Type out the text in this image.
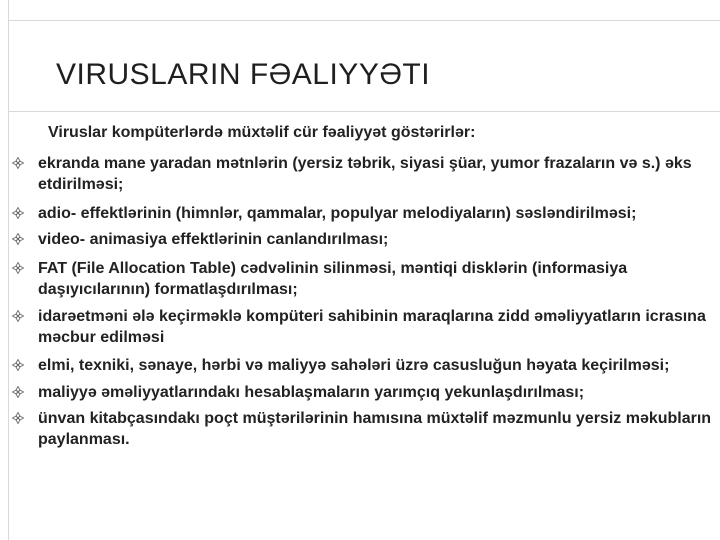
VIRUSLARIN FƏALIYYƏTI
Viruslar kompüterlərdə müxtəlif cür fəaliyyət göstərirlər:
ekranda mane yaradan mətnlərin (yersiz təbrik, siyasi şüar, yumor frazaların və s.) əks etdirilməsi;
adio- effektlərinin (himnlər, qammalar, populyar melodiyaların) səsləndirilməsi;
video- animasiya effektlərinin canlandırılması;
FAT (File Allocation Table) cədvəlinin silinməsi, məntiqi disklərin (informasiya daşıyıcılarının) formatlaşdırılması;
idarəetməni ələ keçirməklə kompüteri sahibinin maraqlarına zidd əməliyyatların icrasına məcbur edilməsi
elmi, texniki, sənaye, hərbi və maliyyə sahələri üzrə casusluğun həyata keçirilməsi;
maliyyə əməliyyatlarındakı hesablaşmaların yarımçıq yekunlaşdırılması;
ünvan kitabçasındakı poçt müştərilərinin hamısına müxtəlif məzmunlu yersiz məkubların paylanması.
